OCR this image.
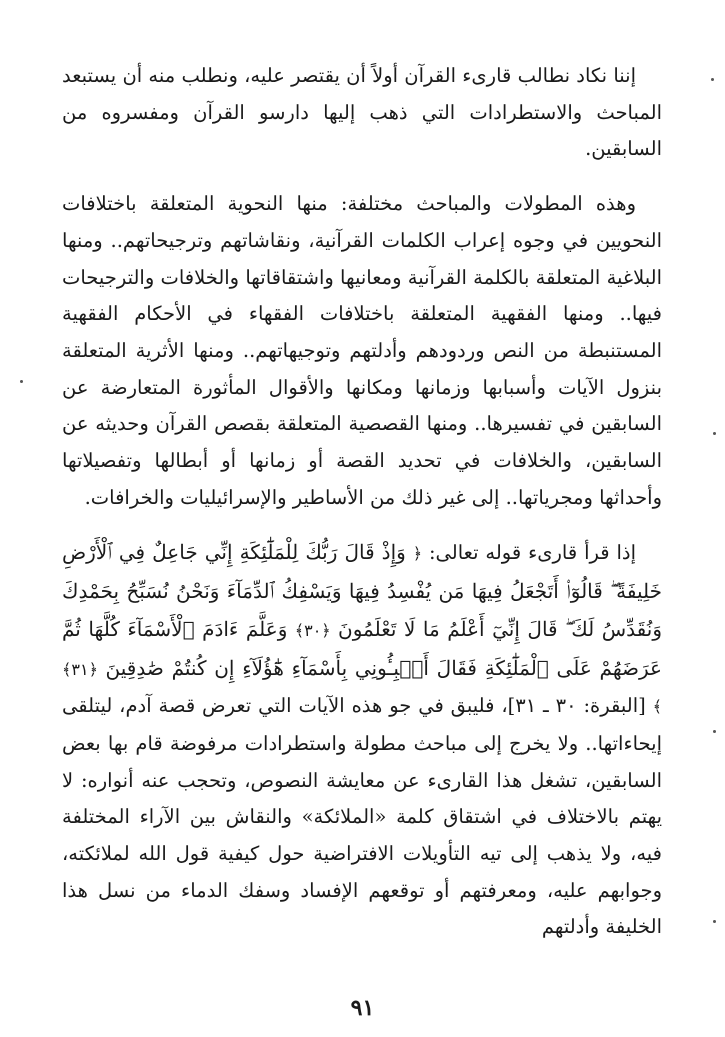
إننا نكاد نطالب قارىء القرآن أولاً أن يقتصر عليه، ونطلب منه أن يستبعد المباحث والاستطرادات التي ذهب إليها دارسو القرآن ومفسروه من السابقين.

وهذه المطولات والمباحث مختلفة: منها النحوية المتعلقة باختلافات النحويين في وجوه إعراب الكلمات القرآنية، ونقاشاتهم وترجيحاتهم.. ومنها البلاغية المتعلقة بالكلمة القرآنية ومعانيها واشتقاقاتها والخلافات والترجيحات فيها.. ومنها الفقهية المتعلقة باختلافات الفقهاء في الأحكام الفقهية المستنبطة من النص وردودهم وأدلتهم وتوجيهاتهم.. ومنها الأثرية المتعلقة بنزول الآيات وأسبابها وزمانها ومكانها والأقوال المأثورة المتعارضة عن السابقين في تفسيرها.. ومنها القصصية المتعلقة بقصص القرآن وحديثه عن السابقين، والخلافات في تحديد القصة أو زمانها أو أبطالها وتفصيلاتها وأحداثها ومجرياتها.. إلى غير ذلك من الأساطير والإسرائيليات والخرافات.

إذا قرأ قارىء قوله تعالى: ﴿ وَإِذْ قَالَ رَبُّكَ لِلْمَلَٰٓئِكَةِ إِنِّي جَاعِلٌ فِي ٱلْأَرْضِ خَلِيفَةً ۖ قَالُوٓا۟ أَتَجْعَلُ فِيهَا مَن يُفْسِدُ فِيهَا وَيَسْفِكُ ٱلدِّمَآءَ وَنَحْنُ نُسَبِّحُ بِحَمْدِكَ وَنُقَدِّسُ لَكَ ۖ قَالَ إِنِّيٓ أَعْلَمُ مَا لَا تَعْلَمُونَ ﴿٣٠﴾ وَعَلَّمَ ءَادَمَ ٱلْأَسْمَآءَ كُلَّهَا ثُمَّ عَرَضَهُمْ عَلَى ٱلْمَلَٰٓئِكَةِ فَقَالَ أَنۢبِـُٔونِي بِأَسْمَآءِ هَٰٓؤُلَآءِ إِن كُنتُمْ صَٰدِقِينَ ﴿٣١﴾ ﴾ [البقرة: ٣٠ ـ ٣١]، فليبق في جو هذه الآيات التي تعرض قصة آدم، ليتلقى إيحاءاتها.. ولا يخرج إلى مباحث مطولة واستطرادات مرفوضة قام بها بعض السابقين، تشغل هذا القارىء عن معايشة النصوص، وتحجب عنه أنواره: لا يهتم بالاختلاف في اشتقاق كلمة «الملائكة» والنقاش بين الآراء المختلفة فيه، ولا يذهب إلى تيه التأويلات الافتراضية حول كيفية قول الله لملائكته، وجوابهم عليه، ومعرفتهم أو توقعهم الإفساد وسفك الدماء من نسل هذا الخليفة وأدلتهم

٩١
